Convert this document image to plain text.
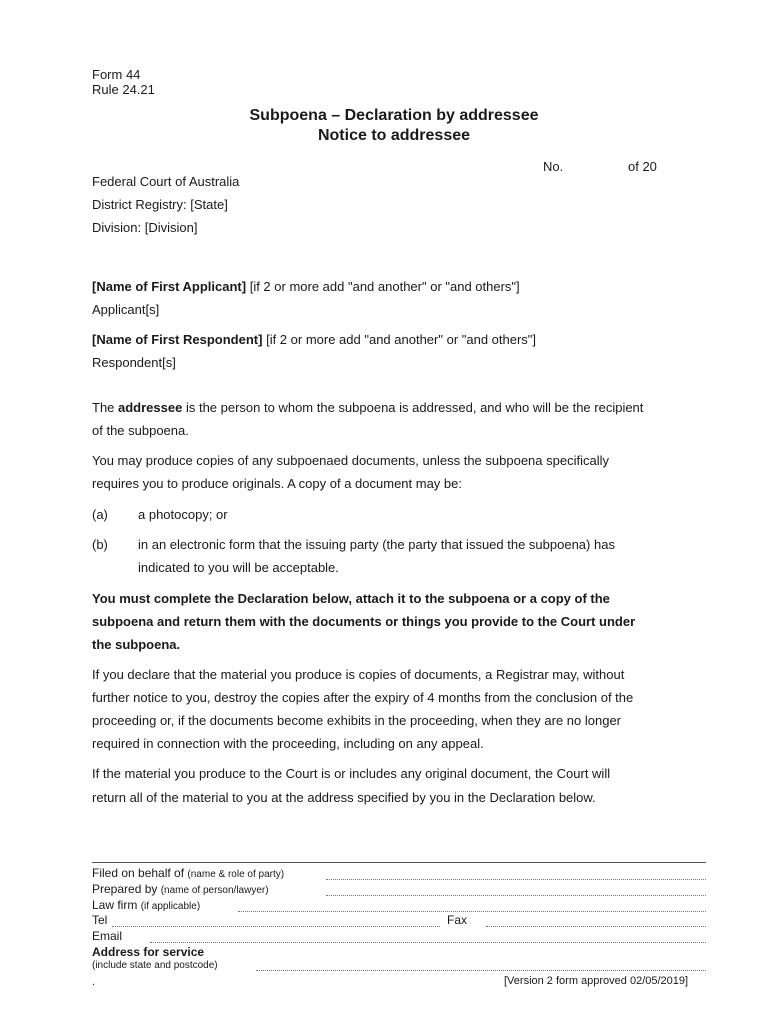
Form 44
Rule 24.21
Subpoena – Declaration by addressee
Notice to addressee
No.	of 20
Federal Court of Australia
District Registry: [State]
Division: [Division]
[Name of First Applicant] [if 2 or more add "and another" or "and others"]
Applicant[s]
[Name of First Respondent] [if 2 or more add "and another" or "and others"]
Respondent[s]
The addressee is the person to whom the subpoena is addressed, and who will be the recipient
of the subpoena.
You may produce copies of any subpoenaed documents, unless the subpoena specifically
requires you to produce originals. A copy of a document may be:
(a) a photocopy; or
(b) in an electronic form that the issuing party (the party that issued the subpoena) has
indicated to you will be acceptable.
You must complete the Declaration below, attach it to the subpoena or a copy of the
subpoena and return them with the documents or things you provide to the Court under
the subpoena.
If you declare that the material you produce is copies of documents, a Registrar may, without
further notice to you, destroy the copies after the expiry of 4 months from the conclusion of the
proceeding or, if the documents become exhibits in the proceeding, when they are no longer
required in connection with the proceeding, including on any appeal.
If the material you produce to the Court is or includes any original document, the Court will
return all of the material to you at the address specified by you in the Declaration below.
Filed on behalf of (name & role of party)
Prepared by (name of person/lawyer)
Law firm (if applicable)
Tel	Fax
Email
Address for service
(include state and postcode)
.	[Version 2 form approved 02/05/2019]
